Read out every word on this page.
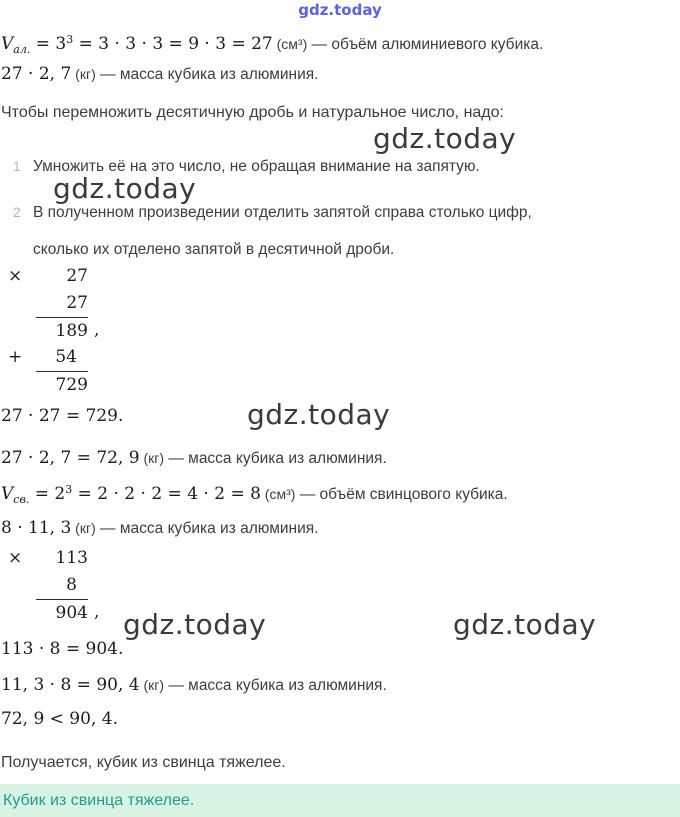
gdz.today
$V_{ал.} = 3^3 = 3 \cdot 3 \cdot 3 = 9 \cdot 3 = 27$ (см³) — объём алюминиевого кубика.
27 · 2, 7 (кг) — масса кубика из алюминия.
Чтобы перемножить десятичную дробь и натуральное число, надо:
gdz.today
1 Умножить её на это число, не обращая внимание на запятую.
gdz.today
2 В полученном произведении отделить запятой справа столько цифр,
сколько их отделено запятой в десятичной дроби.
×	27
27
189 ,
+	54
729
gdz.today
27 · 27 = 729.
27 · 2, 7 = 72, 9 (кг) — масса кубика из алюминия.
$V_{св.} = 2^3 = 2 \cdot 2 \cdot 2 = 4 \cdot 2 = 8$ (см³) — объём свинцового кубика.
8 · 11, 3 (кг) — масса кубика из алюминия.
×	113
8
904 , gdz.today	gdz.today
113 · 8 = 904.
11, 3 · 8 = 90, 4 (кг) — масса кубика из алюминия.
72, 9 < 90, 4.
Получается, кубик из свинца тяжелее.
Кубик из свинца тяжелее.
